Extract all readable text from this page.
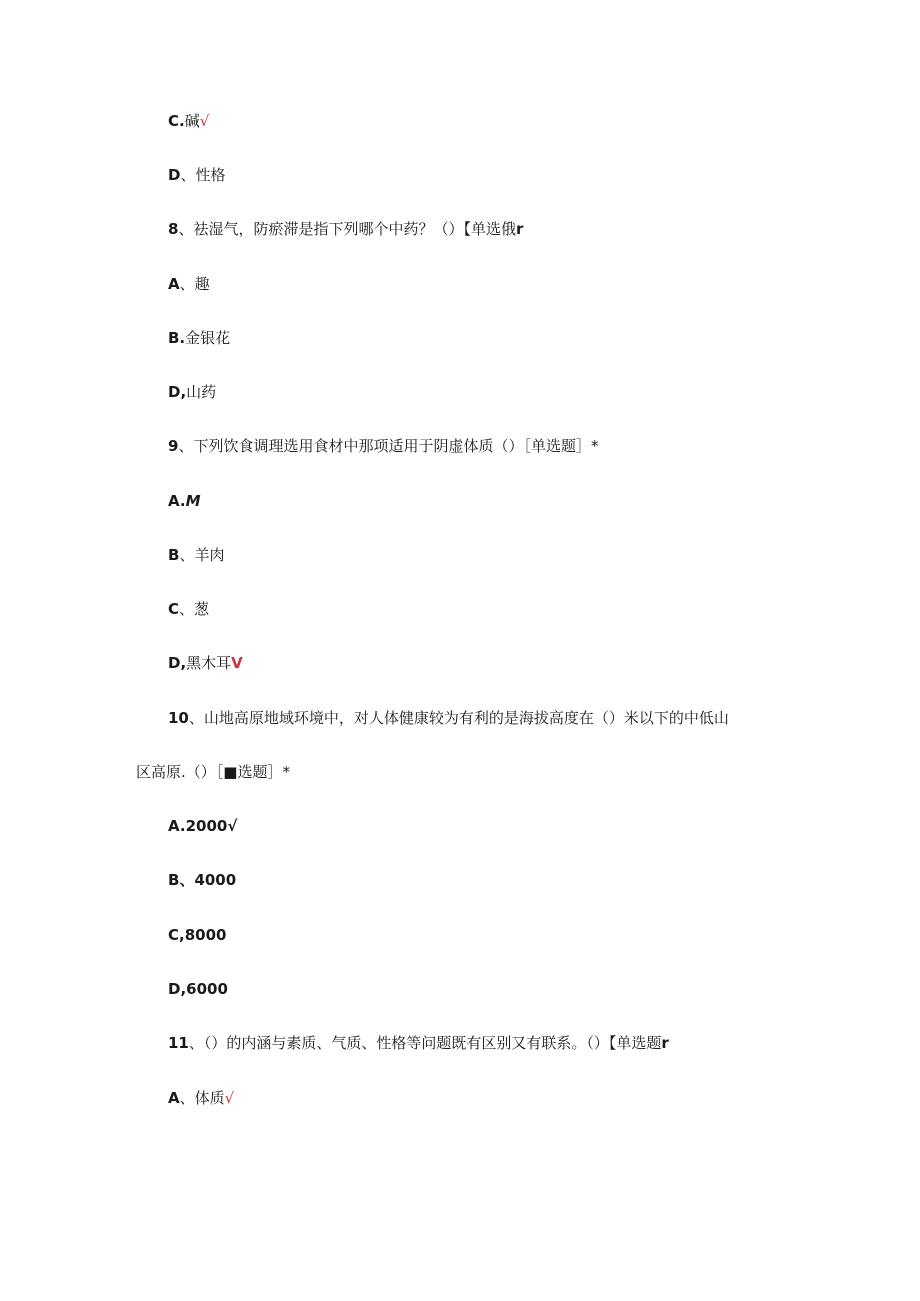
C.碱√
D、性格
8、祛湿气，防瘀滞是指下列哪个中药？（）【单选俄r
A、趣
B.金银花
D,山药
9、下列饮食调理选用食材中那项适用于阴虚体质（）［单选题］*
A.M
B、羊肉
C、葱
D,黑木耳V
10、山地高原地域环境中，对人体健康较为有利的是海拔高度在（）米以下的中低山
区高原.（）［■选题］*
A.2000√
B、4000
C,8000
D,6000
11、（）的内涵与素质、气质、性格等问题既有区别又有联系。（）【单选题r
A、体质√
